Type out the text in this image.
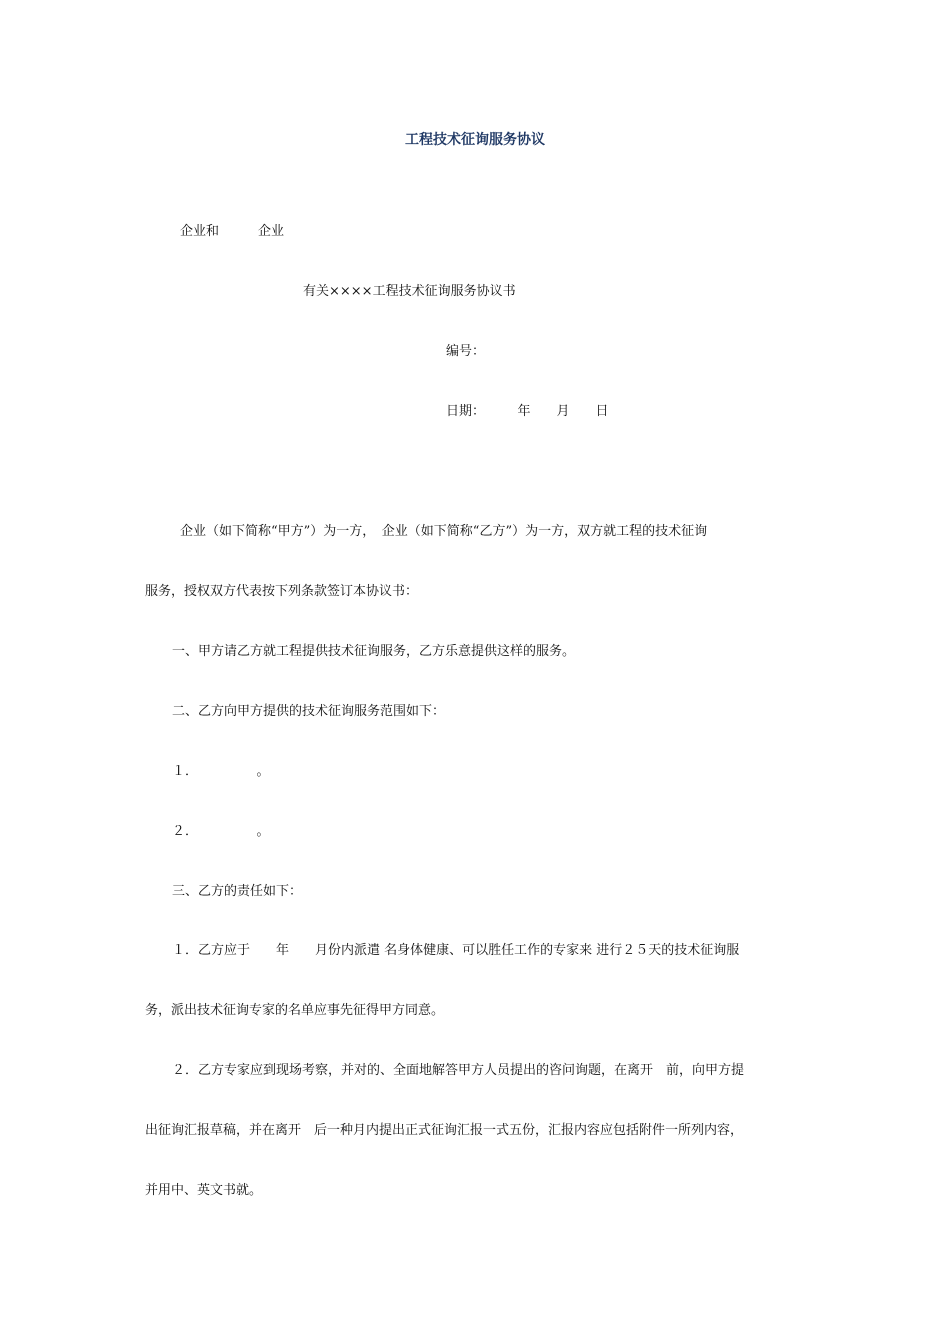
工程技术征询服务协议
企业和　　　企业
有关××××工程技术征询服务协议书
编号：
日期：　　　年　　月　　日
企业（如下简称“甲方”）为一方，　企业（如下简称“乙方”）为一方，双方就工程的技术征询
服务，授权双方代表按下列条款签订本协议书：
一、甲方请乙方就工程提供技术征询服务，乙方乐意提供这样的服务。
二、乙方向甲方提供的技术征询服务范围如下：
１．　　　　　。
２．　　　　　。
三、乙方的责任如下：
１．乙方应于　　年　　月份内派遣 名身体健康、可以胜任工作的专家来 进行２５天的技术征询服
务，派出技术征询专家的名单应事先征得甲方同意。
２．乙方专家应到现场考察，并对的、全面地解答甲方人员提出的咨问询题，在离开　前，向甲方提
出征询汇报草稿，并在离开　后一种月内提出正式征询汇报一式五份，汇报内容应包括附件一所列内容，
并用中、英文书就。
